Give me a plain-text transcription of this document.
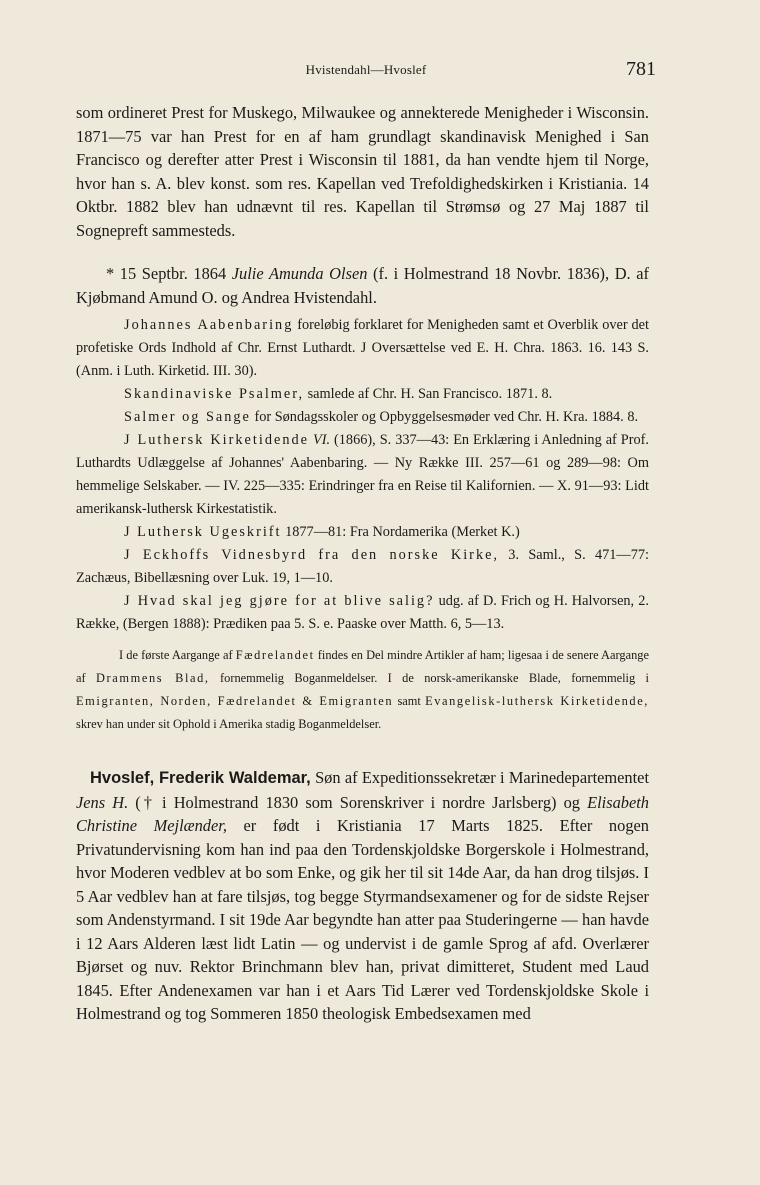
Hvistendahl—Hvoslef	781

som ordineret Prest for Muskego, Milwaukee og annekterede Menigheder i Wisconsin. 1871—75 var han Prest for en af ham grundlagt skandinavisk Menighed i San Francisco og derefter atter Prest i Wisconsin til 1881, da han vendte hjem til Norge, hvor han s. A. blev konst. som res. Kapellan ved Trefoldighedskirken i Kristiania. 14 Oktbr. 1882 blev han udnævnt til res. Kapellan til Strømsø og 27 Maj 1887 til Sognepreft sammesteds.

* 15 Septbr. 1864 Julie Amunda Olsen (f. i Holmestrand 18 Novbr. 1836), D. af Kjøbmand Amund O. og Andrea Hvistendahl.

Johannes Aabenbaring foreløbig forklaret for Menigheden samt et Overblik over det profetiske Ords Indhold af Chr. Ernst Luthardt. J Oversættelse ved E. H. Chra. 1863. 16. 143 S. (Anm. i Luth. Kirketid. III. 30).

Skandinaviske Psalmer, samlede af Chr. H. San Francisco. 1871. 8.

Salmer og Sange for Søndagsskoler og Opbyggelsesmøder ved Chr. H. Kra. 1884. 8.

J Luthersk Kirketidende VI. (1866), S. 337—43: En Erklæring i Anledning af Prof. Luthardts Udlæggelse af Johannes' Aabenbaring. — Ny Række III. 257—61 og 289—98: Om hemmelige Selskaber. — IV. 225—335: Erindringer fra en Reise til Kalifornien. — X. 91—93: Lidt amerikansk-luthersk Kirkestatistik.

J Luthersk Ugeskrift 1877—81: Fra Nordamerika (Merket K.)

J Eckhoffs Vidnesbyrd fra den norske Kirke, 3. Saml., S. 471—77: Zachæus, Bibellæsning over Luk. 19, 1—10.

J Hvad skal jeg gjøre for at blive salig? udg. af D. Frich og H. Halvorsen, 2. Række, (Bergen 1888): Prædiken paa 5. S. e. Paaske over Matth. 6, 5—13.

I de første Aargange af Fædrelandet findes en Del mindre Artikler af ham; ligesaa i de senere Aargange af Drammens Blad, fornemmelig Boganmeldelser. I de norsk-amerikanske Blade, fornemmelig i Emigranten, Norden, Fædrelandet & Emigranten samt Evangelisk-luthersk Kirketidende, skrev han under sit Ophold i Amerika stadig Boganmeldelser.

Hvoslef, Frederik Waldemar, Søn af Expeditionssekretær i Marinedepartementet Jens H. († i Holmestrand 1830 som Sorenskriver i nordre Jarlsberg) og Elisabeth Christine Mejlænder, er født i Kristiania 17 Marts 1825. Efter nogen Privatundervisning kom han ind paa den Tordenskjoldske Borgerskole i Holmestrand, hvor Moderen vedblev at bo som Enke, og gik her til sit 14de Aar, da han drog tilsjøs. I 5 Aar vedblev han at fare tilsjøs, tog begge Styrmandsexamener og for de sidste Rejser som Andenstyrmand. I sit 19de Aar begyndte han atter paa Studeringerne — han havde i 12 Aars Alderen læst lidt Latin — og undervist i de gamle Sprog af afd. Overlærer Bjørset og nuv. Rektor Brinchmann blev han, privat dimitteret, Student med Laud 1845. Efter Andenexamen var han i et Aars Tid Lærer ved Tordenskjoldske Skole i Holmestrand og tog Sommeren 1850 theologisk Embedsexamen med
